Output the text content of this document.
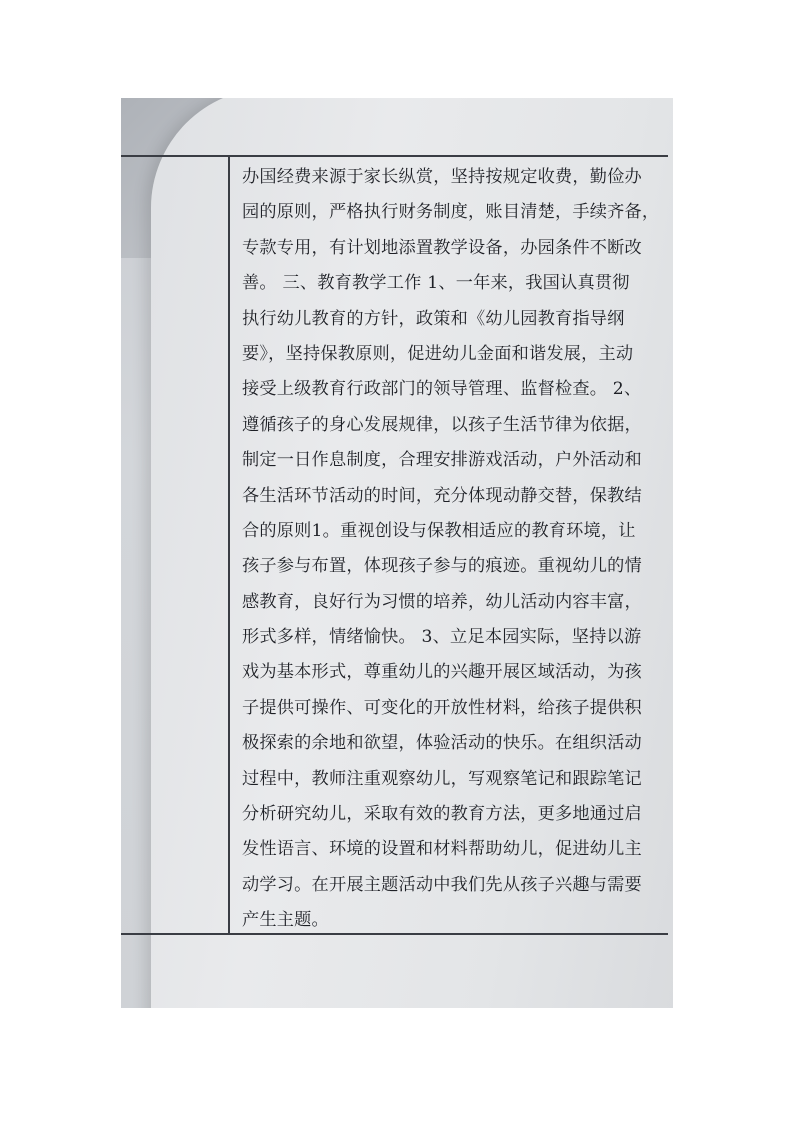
办国经费来源于家长纵赏，坚持按规定收费，勤俭办
园的原则，严格执行财务制度，账目清楚，手续齐备，
专款专用，有计划地添置教学设备，办园条件不断改
善。 三、教育教学工作 1、一年来，我国认真贯彻
执行幼儿教育的方针，政策和《幼儿园教育指导纲
要》，坚持保教原则，促进幼儿金面和谐发展，主动
接受上级教育行政部门的领导管理、监督检查。 2、
遵循孩子的身心发展规律，以孩子生活节律为依据，
制定一日作息制度，合理安排游戏活动，户外活动和
各生活环节活动的时间，充分体现动静交替，保教结
合的原则1。重视创设与保教相适应的教育环境，让
孩子参与布置，体现孩子参与的痕迹。重视幼儿的情
感教育，良好行为习惯的培养，幼儿活动内容丰富，
形式多样，情绪愉快。 3、立足本园实际，坚持以游
戏为基本形式，尊重幼儿的兴趣开展区域活动，为孩
子提供可操作、可变化的开放性材料，给孩子提供积
极探索的余地和欲望，体验活动的快乐。在组织活动
过程中，教师注重观察幼儿，写观察笔记和跟踪笔记
分析研究幼儿，采取有效的教育方法，更多地通过启
发性语言、环境的设置和材料帮助幼儿，促进幼儿主
动学习。在开展主题活动中我们先从孩子兴趣与需要
产生主题。
